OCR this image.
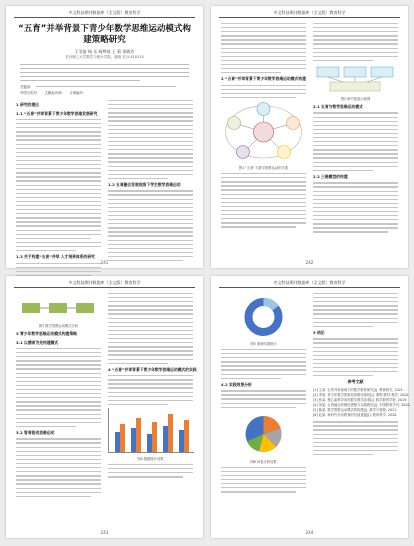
中文科技期刊数据库（全文版）教育科学
“五育”并举背景下青少年数学思维运动模式构建策略研究
王菲旋 杨 乐 杨梦琦 王 莉 邹敏芳
长沙理工大学数学与统计学院，湖南 长沙 410114
关键词：
中图分类号： 文献标识码： 文章编号：
1 研究的提出
1.1 “五育”并举背景下青少年数学思维发展研究
1.3 关于构建“五育”并举 人才培养体系的研究
1.2 五育融合发展视角下学生数学思维运动
241
中文科技期刊数据库（全文版）教育科学
2 “五育”并举背景下青少年数学思维运动模式构建
图1 “五育”与数学思维运动的关系
图2 研究框架示意图
2.1 五育与数学思维运动模式
2.2 三维模型的构建
242
中文科技期刊数据库（全文版）教育科学
图3 数学思维运动模式分析
3 青少年数学思维运动模式构建策略
3.1 以德育为先构建模式
3.2 智育驱动思维运动
4 “五育”并举背景下青少年数学思维运动模式的实践
图4 数据统计结果
243
中文科技期刊数据库（全文版）教育科学
图5 调查结果统计
4.2 实践效果分析
图6 问卷分析结果
5 结论
参考文献
[1] 王某. 五育并举视域下的数学教育研究[J]. 教育研究, 2021.
[2] 李某. 青少年数学思维培养路径探析[J]. 课程·教材·教法, 2020.
[3] 张某. 核心素养导向的数学教学改革[J]. 数学教育学报, 2019.
[4] 刘某. 五育融合的理论逻辑与实践路径[J]. 中国教育学刊, 2020.
[5] 陈某. 数学思维运动模式的构建[J]. 教学与管理, 2021.
[6] 赵某. 新时代劳动教育的价值意蕴[J]. 教育科学, 2020.
244
